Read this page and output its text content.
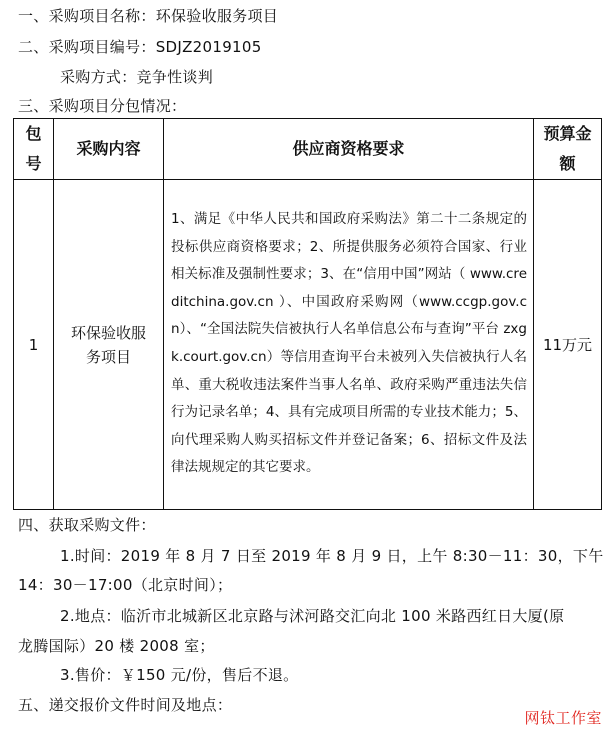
一、采购项目名称：环保验收服务项目
二、采购项目编号：SDJZ2019105
采购方式：竞争性谈判
三、采购项目分包情况：
包号	采购内容	供应商资格要求	预算金额
1	环保验收服务项目	1、满足《中华人民共和国政府采购法》第二十二条规定的投标供应商资格要求；2、所提供服务必须符合国家、行业相关标准及强制性要求；3、在“信用中国”网站（ www.creditchina.gov.cn ）、中国政府采购网（www.ccgp.gov.cn）、“全国法院失信被执行人名单信息公布与查询”平台 zxgk.court.gov.cn）等信用查询平台未被列入失信被执行人名单、重大税收违法案件当事人名单、政府采购严重违法失信行为记录名单；4、具有完成项目所需的专业技术能力；5、向代理采购人购买招标文件并登记备案；6、招标文件及法律法规规定的其它要求。	11万元
四、获取采购文件：
1.时间：2019 年 8 月 7 日至 2019 年 8 月 9 日，上午 8:30－11：30，下午
14：30－17:00（北京时间）；
2.地点：临沂市北城新区北京路与沭河路交汇向北 100 米路西红日大厦(原
龙腾国际）20 楼 2008 室；
3.售价：￥150 元/份，售后不退。
五、递交报价文件时间及地点：
网钛工作室
